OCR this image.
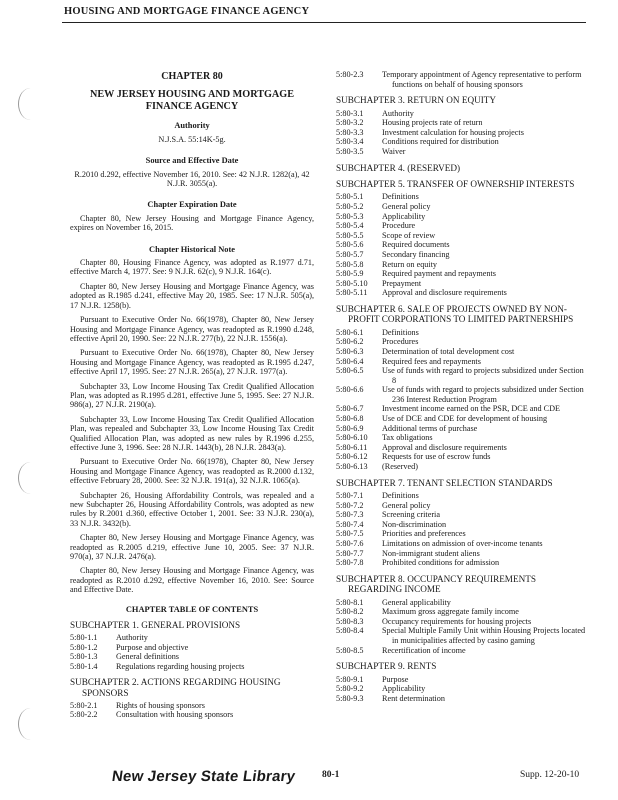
HOUSING AND MORTGAGE FINANCE AGENCY
CHAPTER 80
NEW JERSEY HOUSING AND MORTGAGE FINANCE AGENCY
Authority
N.J.S.A. 55:14K-5g.
Source and Effective Date

R.2010 d.292, effective November 16, 2010. See: 42 N.J.R. 1282(a), 42 N.J.R. 3055(a).

Chapter Expiration Date

Chapter 80, New Jersey Housing and Mortgage Finance Agency, expires on November 16, 2015.

Chapter Historical Note

Chapter 80, Housing Finance Agency, was adopted as R.1977 d.71, effective March 4, 1977. See: 9 N.J.R. 62(c), 9 N.J.R. 164(c).

Chapter 80, New Jersey Housing and Mortgage Finance Agency, was adopted as R.1985 d.241, effective May 20, 1985. See: 17 N.J.R. 505(a), 17 N.J.R. 1258(b).

Pursuant to Executive Order No. 66(1978), Chapter 80, New Jersey Housing and Mortgage Finance Agency, was readopted as R.1990 d.248, effective April 20, 1990. See: 22 N.J.R. 277(b), 22 N.J.R. 1556(a).

Pursuant to Executive Order No. 66(1978), Chapter 80, New Jersey Housing and Mortgage Finance Agency, was readopted as R.1995 d.247, effective April 17, 1995. See: 27 N.J.R. 265(a), 27 N.J.R. 1977(a).

Subchapter 33, Low Income Housing Tax Credit Qualified Allocation Plan, was adopted as R.1995 d.281, effective June 5, 1995. See: 27 N.J.R. 986(a), 27 N.J.R. 2190(a).

Subchapter 33, Low Income Housing Tax Credit Qualified Allocation Plan, was repealed and Subchapter 33, Low Income Housing Tax Credit Qualified Allocation Plan, was adopted as new rules by R.1996 d.255, effective June 3, 1996. See: 28 N.J.R. 1443(b), 28 N.J.R. 2843(a).

Pursuant to Executive Order No. 66(1978), Chapter 80, New Jersey Housing and Mortgage Finance Agency, was readopted as R.2000 d.132, effective February 28, 2000. See: 32 N.J.R. 191(a), 32 N.J.R. 1065(a).

Subchapter 26, Housing Affordability Controls, was repealed and a new Subchapter 26, Housing Affordability Controls, was adopted as new rules by R.2001 d.360, effective October 1, 2001. See: 33 N.J.R. 230(a), 33 N.J.R. 3432(b).

Chapter 80, New Jersey Housing and Mortgage Finance Agency, was readopted as R.2005 d.219, effective June 10, 2005. See: 37 N.J.R. 970(a), 37 N.J.R. 2476(a).

Chapter 80, New Jersey Housing and Mortgage Finance Agency, was readopted as R.2010 d.292, effective November 16, 2010. See: Source and Effective Date.

CHAPTER TABLE OF CONTENTS
SUBCHAPTER 1. GENERAL PROVISIONS
5:80-1.1	Authority
5:80-1.2	Purpose and objective
5:80-1.3	General definitions
5:80-1.4	Regulations regarding housing projects
SUBCHAPTER 2. ACTIONS REGARDING HOUSING SPONSORS
5:80-2.1	Rights of housing sponsors
5:80-2.2	Consultation with housing sponsors
5:80-2.3	Temporary appointment of Agency representative to perform functions on behalf of housing sponsors
SUBCHAPTER 3. RETURN ON EQUITY
5:80-3.1	Authority
5:80-3.2	Housing projects rate of return
5:80-3.3	Investment calculation for housing projects
5:80-3.4	Conditions required for distribution
5:80-3.5	Waiver
SUBCHAPTER 4. (RESERVED)
SUBCHAPTER 5. TRANSFER OF OWNERSHIP INTERESTS
5:80-5.1	Definitions
5:80-5.2	General policy
5:80-5.3	Applicability
5:80-5.4	Procedure
5:80-5.5	Scope of review
5:80-5.6	Required documents
5:80-5.7	Secondary financing
5:80-5.8	Return on equity
5:80-5.9	Required payment and repayments
5:80-5.10	Prepayment
5:80-5.11	Approval and disclosure requirements
SUBCHAPTER 6. SALE OF PROJECTS OWNED BY NON-PROFIT CORPORATIONS TO LIMITED PARTNERSHIPS
5:80-6.1	Definitions
5:80-6.2	Procedures
5:80-6.3	Determination of total development cost
5:80-6.4	Required fees and repayments
5:80-6.5	Use of funds with regard to projects subsidized under Section 8
5:80-6.6	Use of funds with regard to projects subsidized under Section 236 Interest Reduction Program
5:80-6.7	Investment income earned on the PSR, DCE and CDE
5:80-6.8	Use of DCE and CDE for development of housing
5:80-6.9	Additional terms of purchase
5:80-6.10	Tax obligations
5:80-6.11	Approval and disclosure requirements
5:80-6.12	Requests for use of escrow funds
5:80-6.13	(Reserved)
SUBCHAPTER 7. TENANT SELECTION STANDARDS
5:80-7.1	Definitions
5:80-7.2	General policy
5:80-7.3	Screening criteria
5:80-7.4	Non-discrimination
5:80-7.5	Priorities and preferences
5:80-7.6	Limitations on admission of over-income tenants
5:80-7.7	Non-immigrant student aliens
5:80-7.8	Prohibited conditions for admission
SUBCHAPTER 8. OCCUPANCY REQUIREMENTS REGARDING INCOME
5:80-8.1	General applicability
5:80-8.2	Maximum gross aggregate family income
5:80-8.3	Occupancy requirements for housing projects
5:80-8.4	Special Multiple Family Unit within Housing Projects located in municipalities affected by casino gaming
5:80-8.5	Recertification of income
SUBCHAPTER 9. RENTS
5:80-9.1	Purpose
5:80-9.2	Applicability
5:80-9.3	Rent determination
New Jersey State Library	80-1	Supp. 12-20-10
